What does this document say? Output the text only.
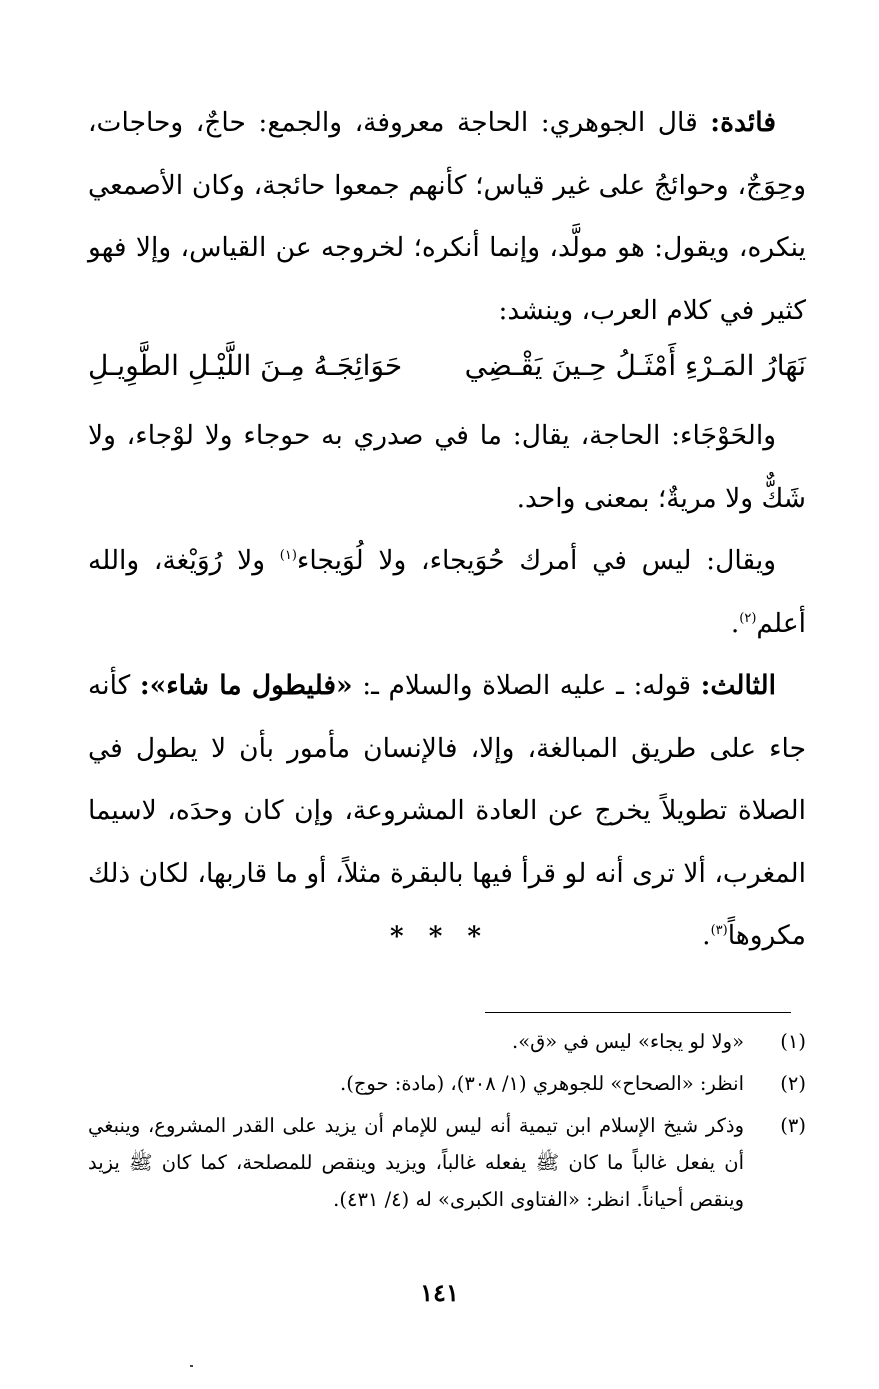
فائدة: قال الجوهري: الحاجة معروفة، والجمع: حاجٌ، وحاجات، وحِوَجٌ، وحوائجُ على غير قياس؛ كأنهم جمعوا حائجة، وكان الأصمعي ينكره، ويقول: هو مولَّد، وإنما أنكره؛ لخروجه عن القياس، وإلا فهو كثير في كلام العرب، وينشد:

نَهَارُ المَـرْءِ أَمْثَـلُ حِـينَ يَقْـضِي
حَوَائِجَـهُ مِـنَ اللَّيْـلِ الطَّوِيـلِ

والحَوْجَاء: الحاجة، يقال: ما في صدري به حوجاء ولا لوْجاء، ولا شَكٌّ ولا مريةٌ؛ بمعنى واحد.

ويقال: ليس في أمرك حُوَيجاء، ولا لُوَيجاء$^{(١)}$ ولا رُوَيْغة، والله أعلم$^{(٢)}$.

الثالث: قوله: ـ عليه الصلاة والسلام ـ: «فليطول ما شاء»: كأنه جاء على طريق المبالغة، وإلا، فالإنسان مأمور بأن لا يطول في الصلاة تطويلاً يخرج عن العادة المشروعة، وإن كان وحدَه، لاسيما المغرب، ألا ترى أنه لو قرأ فيها بالبقرة مثلاً، أو ما قاربها، لكان ذلك مكروهاً$^{(٣)}$.

* * *
(١)
«ولا لو يجاء» ليس في «ق».
(٢)
انظر: «الصحاح» للجوهري (١/ ٣٠٨)، (مادة: حوج).
(٣)
وذكر شيخ الإسلام ابن تيمية أنه ليس للإمام أن يزيد على القدر المشروع، وينبغي أن يفعل غالباً ما كان ﷺ يفعله غالباً، ويزيد وينقص للمصلحة، كما كان ﷺ يزيد وينقص أحياناً. انظر: «الفتاوى الكبرى» له (٤/ ٤٣١).
١٤١
